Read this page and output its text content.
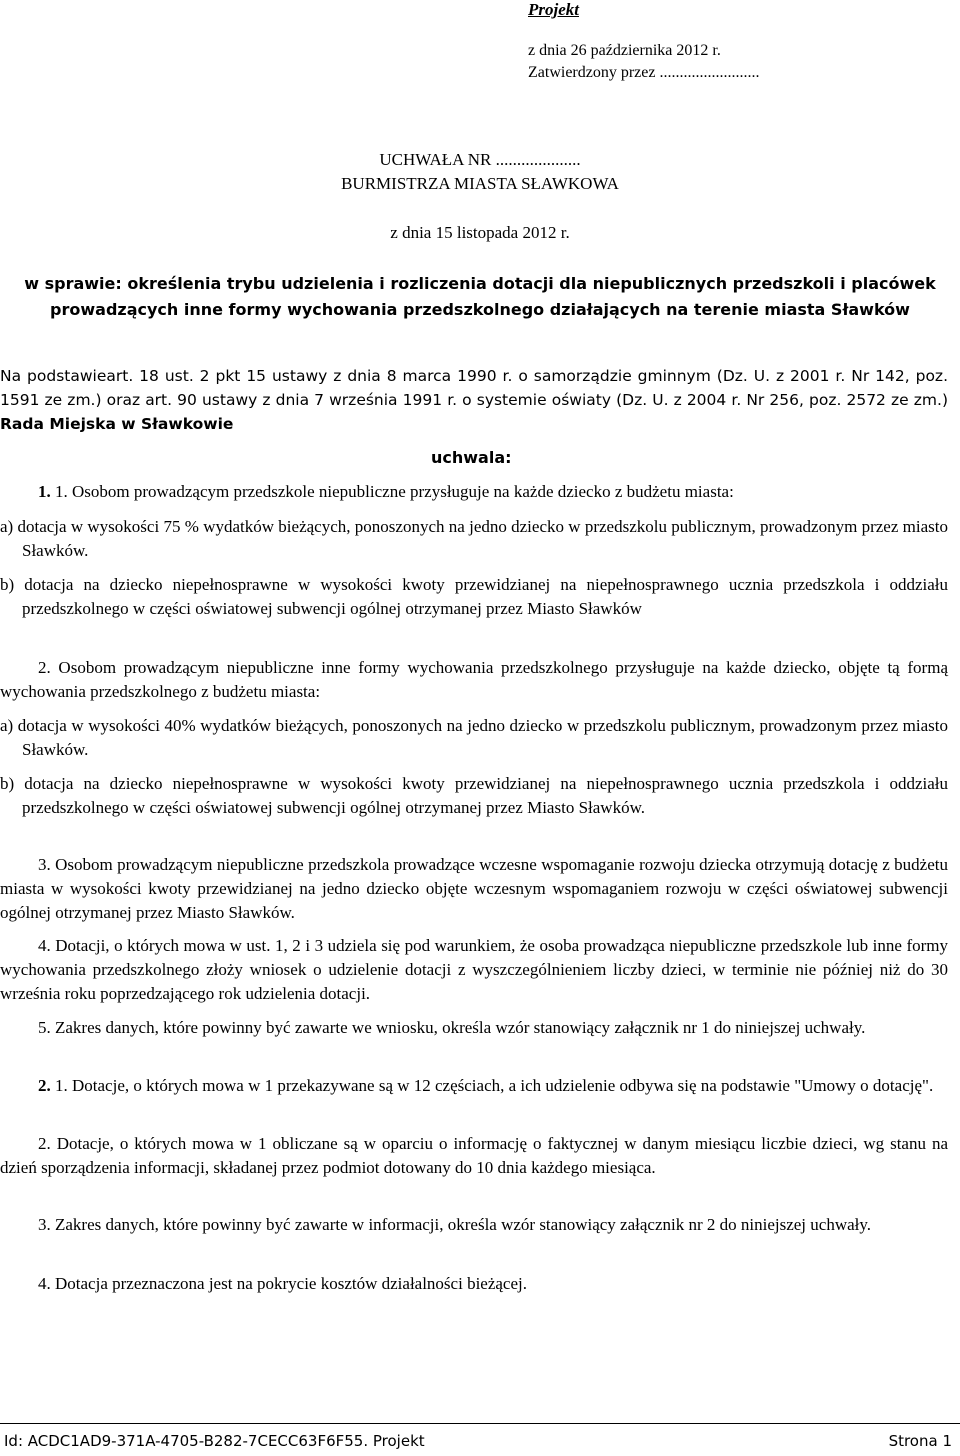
Projekt
z dnia 26 października 2012 r.
Zatwierdzony przez .........................
UCHWAŁA NR ....................
BURMISTRZA MIASTA SŁAWKOWA
z dnia 15 listopada 2012 r.
w sprawie: określenia trybu udzielenia i rozliczenia dotacji dla niepublicznych przedszkoli i placówek
prowadzących inne formy wychowania przedszkolnego działających na terenie miasta Sławków
Na podstawieart. 18 ust. 2 pkt 15 ustawy z dnia 8 marca 1990 r. o samorządzie gminnym (Dz. U. z 2001 r. Nr 142, poz. 1591 ze zm.) oraz art. 90 ustawy z dnia 7 września 1991 r. o systemie oświaty (Dz. U. z 2004 r. Nr 256, poz. 2572 ze zm.) Rada Miejska w Sławkowie
uchwala:
1. 1. Osobom prowadzącym przedszkole niepubliczne przysługuje na każde dziecko z budżetu miasta:
a) dotacja w wysokości 75 % wydatków bieżących, ponoszonych na jedno dziecko w przedszkolu publicznym, prowadzonym przez miasto Sławków.
b) dotacja na dziecko niepełnosprawne w wysokości kwoty przewidzianej na niepełnosprawnego ucznia przedszkola i oddziału przedszkolnego w części oświatowej subwencji ogólnej otrzymanej przez Miasto Sławków
2. Osobom prowadzącym niepubliczne inne formy wychowania przedszkolnego przysługuje na każde dziecko, objęte tą formą wychowania przedszkolnego z budżetu miasta:
a) dotacja w wysokości 40% wydatków bieżących, ponoszonych na jedno dziecko w przedszkolu publicznym, prowadzonym przez miasto Sławków.
b) dotacja na dziecko niepełnosprawne w wysokości kwoty przewidzianej na niepełnosprawnego ucznia przedszkola i oddziału przedszkolnego w części oświatowej subwencji ogólnej otrzymanej przez Miasto Sławków.
3. Osobom prowadzącym niepubliczne przedszkola prowadzące wczesne wspomaganie rozwoju dziecka otrzymują dotację z budżetu miasta w wysokości kwoty przewidzianej na jedno dziecko objęte wczesnym wspomaganiem rozwoju w części oświatowej subwencji ogólnej otrzymanej przez Miasto Sławków.
4. Dotacji, o których mowa w ust. 1, 2 i 3 udziela się pod warunkiem, że osoba prowadząca niepubliczne przedszkole lub inne formy wychowania przedszkolnego złoży wniosek o udzielenie dotacji z wyszczególnieniem liczby dzieci, w terminie nie później niż do 30 września roku poprzedzającego rok udzielenia dotacji.
5. Zakres danych, które powinny być zawarte we wniosku, określa wzór stanowiący załącznik nr 1 do niniejszej uchwały.
2. 1. Dotacje, o których mowa w 1 przekazywane są w 12 częściach, a ich udzielenie odbywa się na podstawie "Umowy o dotację".
2. Dotacje, o których mowa w 1 obliczane są w oparciu o informację o faktycznej w danym miesiącu liczbie dzieci, wg stanu na dzień sporządzenia informacji, składanej przez podmiot dotowany do 10 dnia każdego miesiąca.
3. Zakres danych, które powinny być zawarte w informacji, określa wzór stanowiący załącznik nr 2 do niniejszej uchwały.
4. Dotacja przeznaczona jest na pokrycie kosztów działalności bieżącej.
Id: ACDC1AD9-371A-4705-B282-7CECC63F6F55. Projekt	Strona 1
